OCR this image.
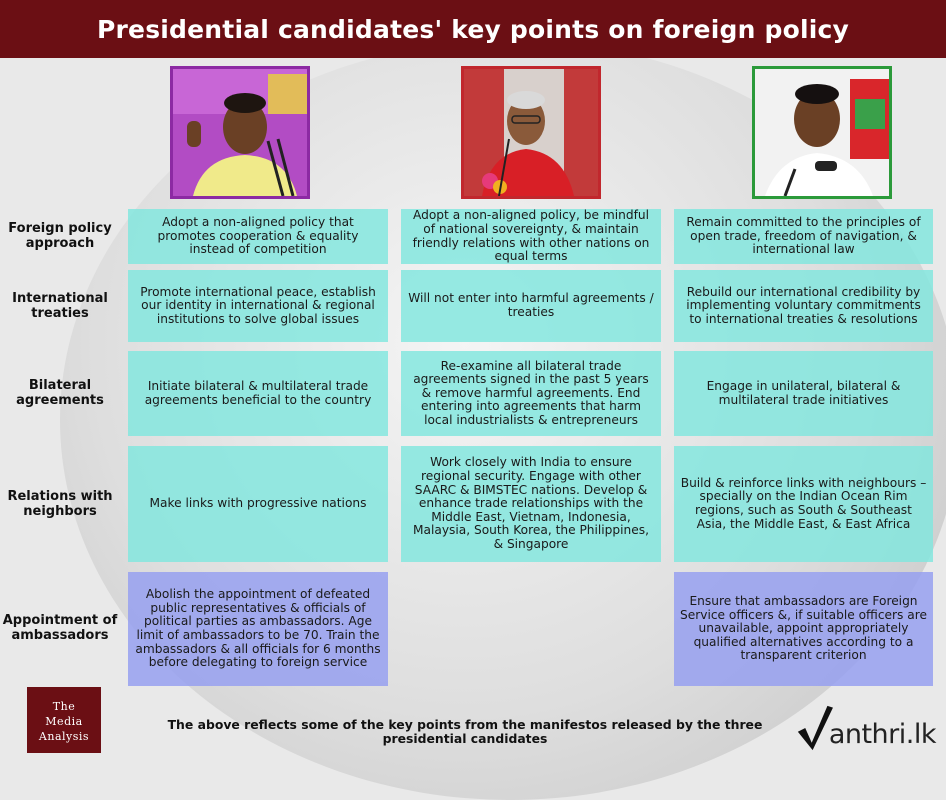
Presidential candidates' key points on foreign policy
Foreign policy approach
Adopt a non-aligned policy that promotes cooperation & equality instead of competition
Adopt a non-aligned policy, be mindful of national sovereignty, & maintain friendly relations with other nations on equal terms
Remain committed to the principles of open trade, freedom of navigation, & international law
International treaties
Promote international peace, establish our identity in international & regional institutions to solve global issues
Will not enter into harmful agreements / treaties
Rebuild our international credibility by implementing voluntary commitments to international treaties & resolutions
Bilateral agreements
Initiate bilateral & multilateral trade agreements beneficial to the country
Re-examine all bilateral trade agreements signed in the past 5 years & remove harmful agreements. End entering into agreements that harm local industrialists & entrepreneurs
Engage in unilateral, bilateral & multilateral trade initiatives
Relations with neighbors
Make links with progressive nations
Work closely with India to ensure regional security. Engage with other SAARC & BIMSTEC nations. Develop & enhance trade relationships with the Middle East, Vietnam, Indonesia, Malaysia, South Korea, the Philippines, & Singapore
Build & reinforce links with neighbours – specially on the Indian Ocean Rim regions, such as South & Southeast Asia, the Middle East, & East Africa
Appointment of ambassadors
Abolish the appointment of defeated public representatives & officials of political parties as ambassadors. Age limit of ambassadors to be 70. Train the ambassadors & all officials for 6 months before delegating to foreign service
Ensure that ambassadors are Foreign Service officers &, if suitable officers are unavailable, appoint appropriately qualified alternatives according to a transparent criterion
The
Media
Analysis
The above reflects some of the key points from the manifestos released by the three presidential candidates	anthri.lk
